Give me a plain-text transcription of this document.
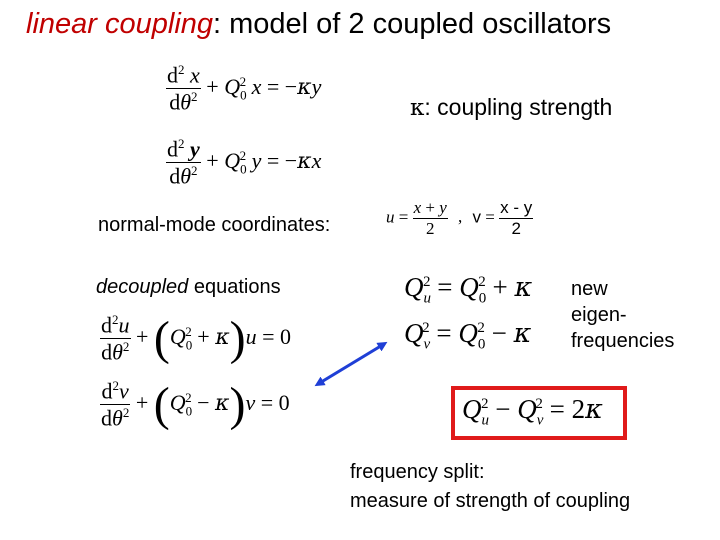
linear coupling: model of 2 coupled oscillators
$\frac{d^2 x}{d\theta^2} + Q_0^2$ x = −κy
κ: coupling strength
$\frac{d^2 y}{d\theta^2} + Q_0^2$ y = −κx
normal-mode coordinates:	$u = \frac{x + y}{2}$ , $v = \frac{x - y}{2}$
decoupled equations	$Q_u^2 = Q_0^2 + \kappa$
$Q_v^2 = Q_0^2 - \kappa$
new
eigen-
frequencies
$\frac{d^2u}{d\theta^2} + (Q_0^2 + \kappa)u = 0$
$\frac{d^2v}{d\theta^2} + (Q_0^2 - \kappa)v = 0$	$Q_u^2 - Q_v^2 = 2\kappa$
frequency split:
measure of strength of coupling
